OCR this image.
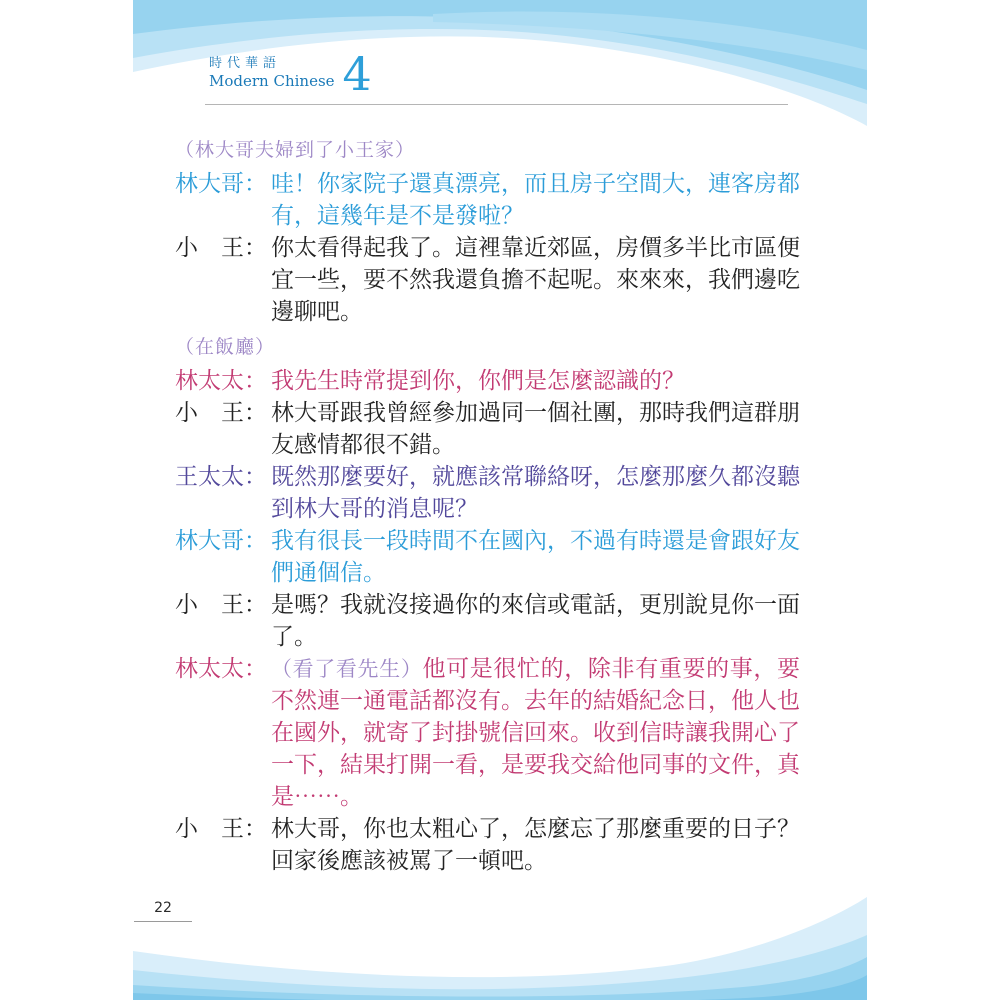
時代華語
Modern Chinese 4
（林大哥夫婦到了小王家）
林大哥： 哇！你家院子還真漂亮，而且房子空間大，連客房都有，這幾年是不是發啦？
小　王： 你太看得起我了。這裡靠近郊區，房價多半比市區便宜一些，要不然我還負擔不起呢。來來來，我們邊吃邊聊吧。
（在飯廳）
林太太： 我先生時常提到你，你們是怎麼認識的？
小　王： 林大哥跟我曾經參加過同一個社團，那時我們這群朋友感情都很不錯。
王太太： 既然那麼要好，就應該常聯絡呀，怎麼那麼久都沒聽到林大哥的消息呢？
林大哥： 我有很長一段時間不在國內，不過有時還是會跟好友們通個信。
小　王： 是嗎？我就沒接過你的來信或電話，更別說見你一面了。
林太太： （看了看先生）他可是很忙的，除非有重要的事，要不然連一通電話都沒有。去年的結婚紀念日，他人也在國外，就寄了封掛號信回來。收到信時讓我開心了一下，結果打開一看，是要我交給他同事的文件，真是⋯⋯。
小　王： 林大哥，你也太粗心了，怎麼忘了那麼重要的日子？回家後應該被罵了一頓吧。
22
